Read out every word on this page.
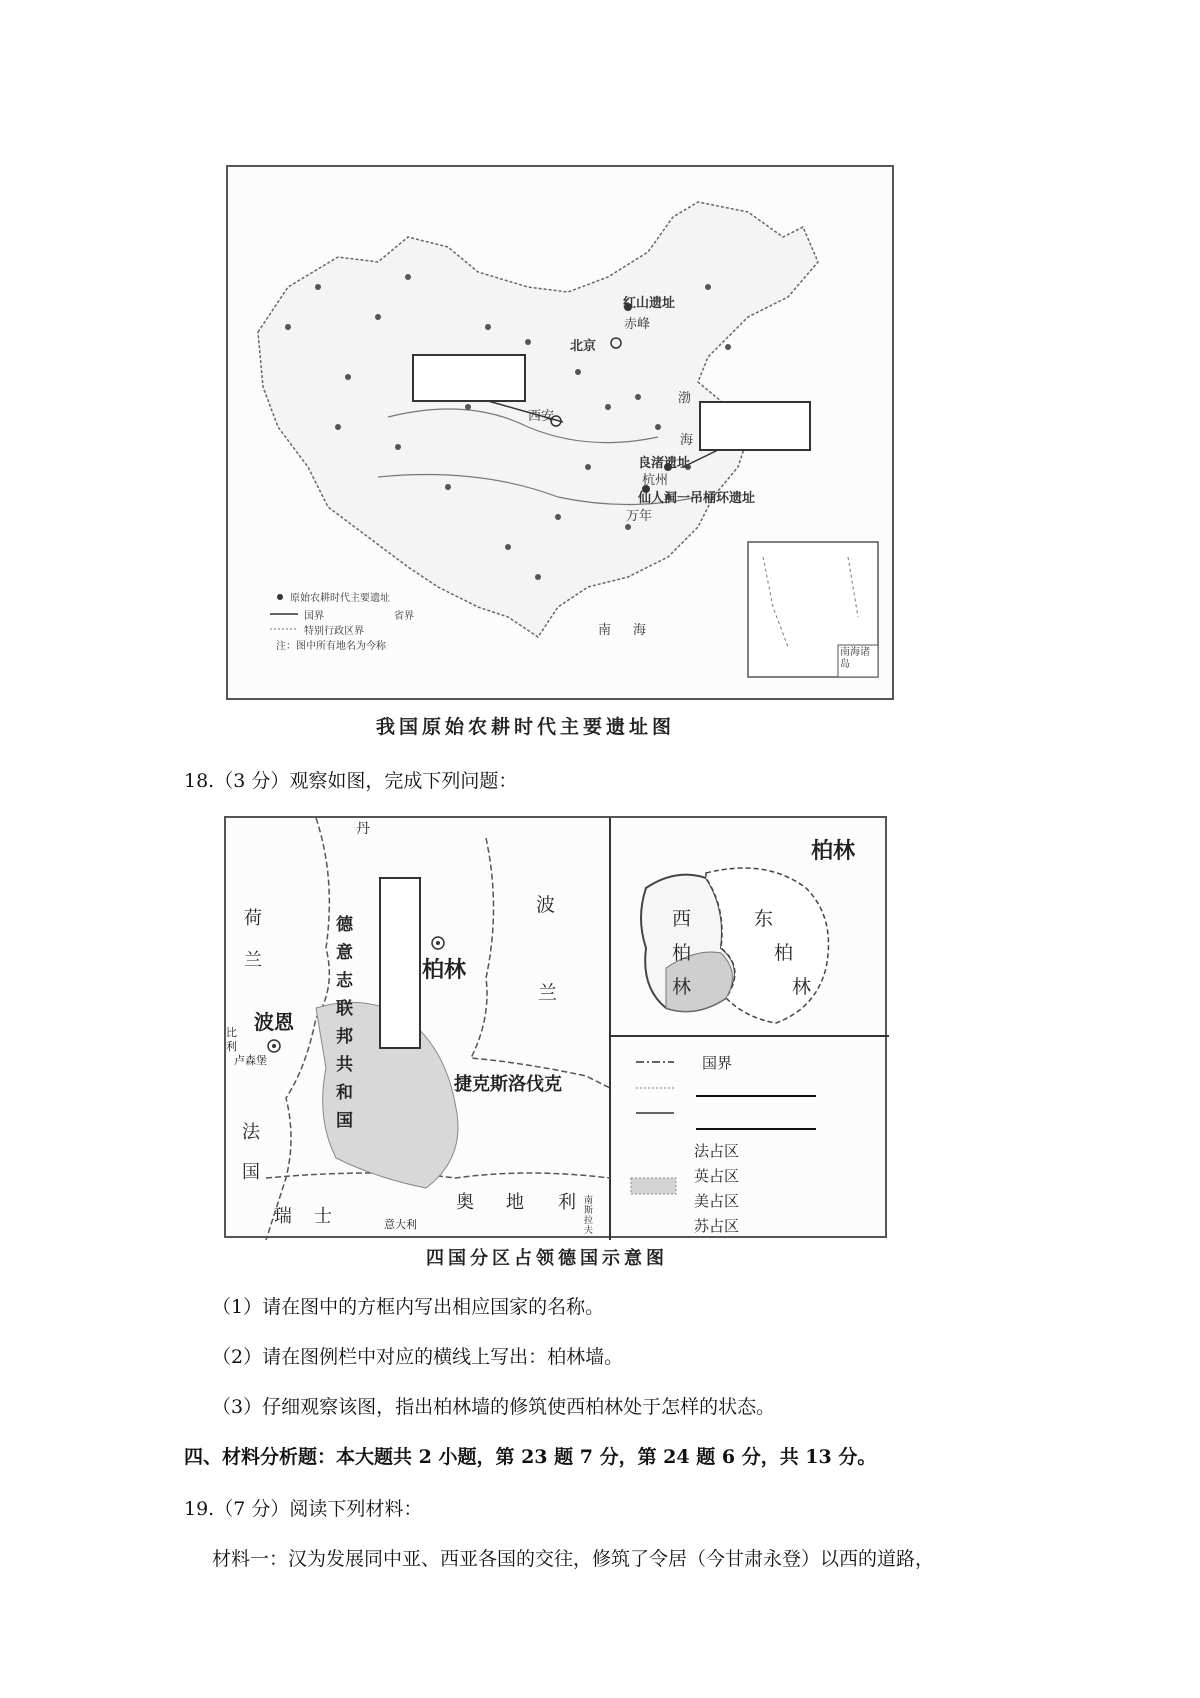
红山遗址
赤峰
北京
西安
良渚遗址
杭州
仙人洞一吊桶环遗址
万年
渤
海
南 海
南海诸岛
原始农耕时代主要遗址
国界	省界
特别行政区界
注：图中所有地名为今称
我国原始农耕时代主要遗址图
18.（3 分）观察如图，完成下列问题：
丹
荷
兰
德
意
志
联
邦
共
和
国
波恩
柏林
波
兰
捷克斯洛伐克
法
国
瑞 士
奥 地 利
意大利
卢森堡
比
利
南斯拉夫
柏林
西
柏
林
东
柏
林
国界
法占区
英占区
美占区
苏占区
四国分区占领德国示意图
（1）请在图中的方框内写出相应国家的名称。
（2）请在图例栏中对应的横线上写出：柏林墙。
（3）仔细观察该图，指出柏林墙的修筑使西柏林处于怎样的状态。
四、材料分析题：本大题共 2 小题，第 23 题 7 分，第 24 题 6 分，共 13 分。
19.（7 分）阅读下列材料：
材料一：汉为发展同中亚、西亚各国的交往，修筑了令居（今甘肃永登）以西的道路，
